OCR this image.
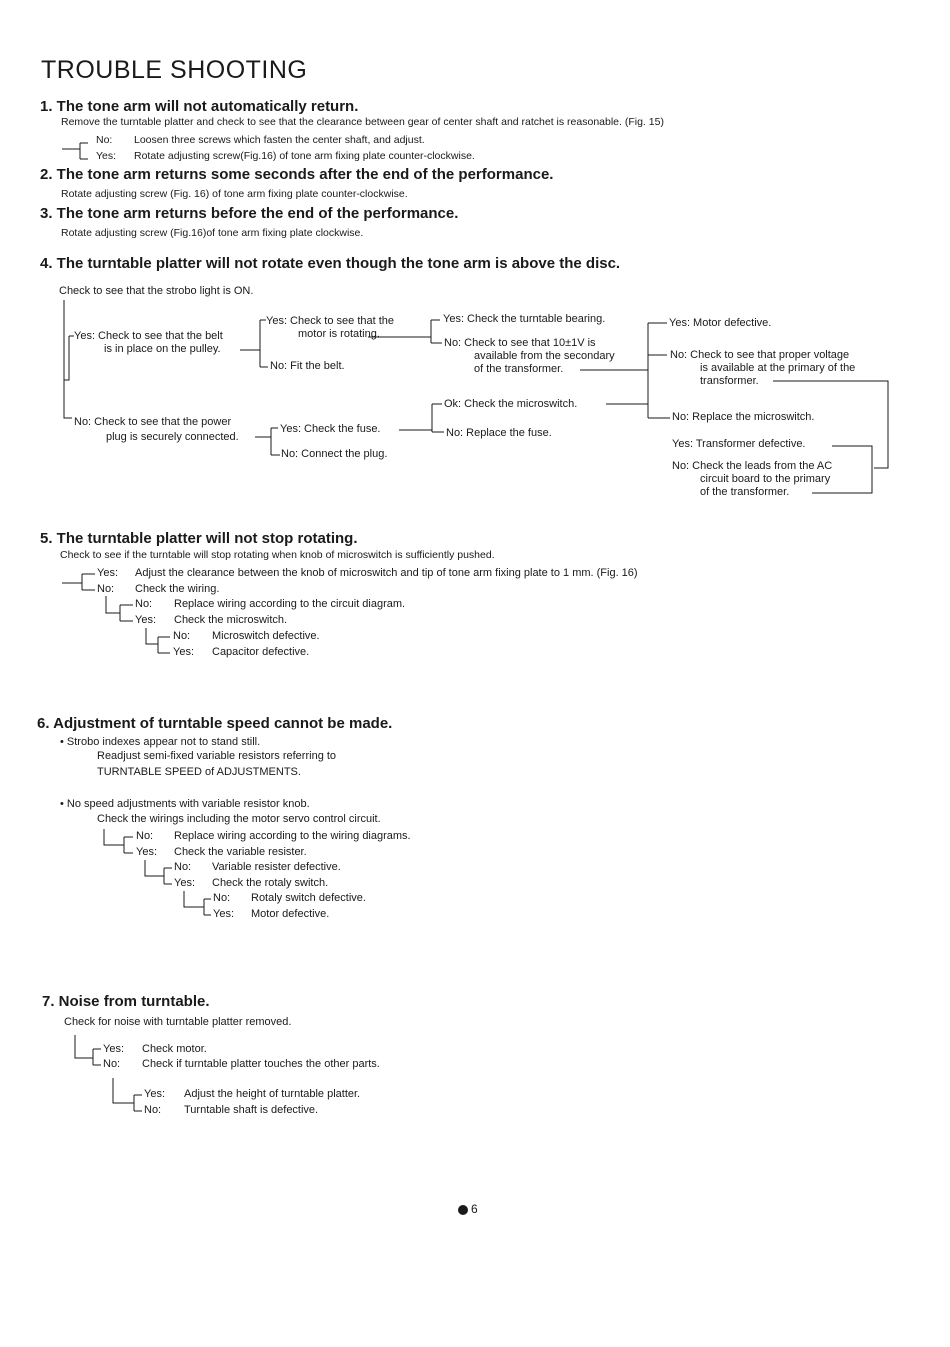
TROUBLE SHOOTING
1. The tone arm will not automatically return.
Remove the turntable platter and check to see that the clearance between gear of center shaft and ratchet is reasonable. (Fig. 15)
No: Loosen three screws which fasten the center shaft, and adjust.
Yes: Rotate adjusting screw(Fig.16) of tone arm fixing plate counter-clockwise.
2. The tone arm returns some seconds after the end of the performance.
Rotate adjusting screw (Fig. 16) of tone arm fixing plate counter-clockwise.
3. The tone arm returns before the end of the performance.
Rotate adjusting screw (Fig.16)of tone arm fixing plate clockwise.
4. The turntable platter will not rotate even though the tone arm is above the disc.
Check to see that the strobo light is ON.
Yes: Check to see that the belt
is in place on the pulley.
Yes: Check to see that the
motor is rotating.
No: Fit the belt.
Yes: Check the turntable bearing.
No: Check to see that 10±1V is
available from the secondary
of the transformer.
Yes: Motor defective.
No: Check to see that proper voltage
is available at the primary of the
transformer.
Ok: Check the microswitch.
No: Replace the microswitch.
No: Check to see that the power
plug is securely connected.
Yes: Check the fuse.	No: Replace the fuse.
Yes: Transformer defective.
No: Connect the plug.
No: Check the leads from the AC
circuit board to the primary
of the transformer.
5. The turntable platter will not stop rotating.
Check to see if the turntable will stop rotating when knob of microswitch is sufficiently pushed.
Yes: Adjust the clearance between the knob of microswitch and tip of tone arm fixing plate to 1 mm. (Fig. 16)
No: Check the wiring.
No: Replace wiring according to the circuit diagram.
Yes: Check the microswitch.
No: Microswitch defective.
Yes: Capacitor defective.
6. Adjustment of turntable speed cannot be made.
• Strobo indexes appear not to stand still.
Readjust semi-fixed variable resistors referring to
TURNTABLE SPEED of ADJUSTMENTS.
• No speed adjustments with variable resistor knob.
Check the wirings including the motor servo control circuit.
No: Replace wiring according to the wiring diagrams.
Yes: Check the variable resister.
No: Variable resister defective.
Yes: Check the rotaly switch.
No: Rotaly switch defective.
Yes: Motor defective.
7. Noise from turntable.
Check for noise with turntable platter removed.
Yes: Check motor.
No: Check if turntable platter touches the other parts.
Yes: Adjust the height of turntable platter.
No: Turntable shaft is defective.
6
